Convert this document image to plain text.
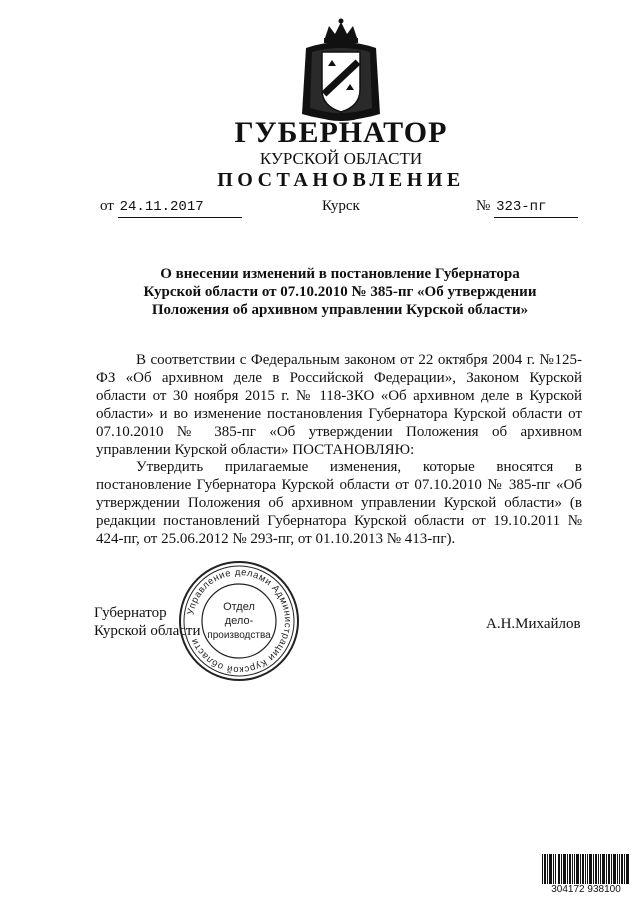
ГУБЕРНАТОР
КУРСКОЙ ОБЛАСТИ
ПОСТАНОВЛЕНИЕ
от 24.11.2017	Курск	№ 323-пг
О внесении изменений в постановление Губернатора
Курской области от 07.10.2010 № 385-пг «Об утверждении
Положения об архивном управлении Курской области»

В соответствии с Федеральным законом от 22 октября 2004 г. №125-ФЗ «Об архивном деле в Российской Федерации», Законом Курской области от 30 ноября 2015 г. № 118-ЗКО «Об архивном деле в Курской области» и во изменение постановления Губернатора Курской области от 07.10.2010 № 385-пг «Об утверждении Положения об архивном управлении Курской области» ПОСТАНОВЛЯЮ:

Утвердить прилагаемые изменения, которые вносятся в постановление Губернатора Курской области от 07.10.2010 № 385-пг «Об утверждении Положения об архивном управлении Курской области» (в редакции постановлений Губернатора Курской области от 19.10.2011 № 424-пг, от 25.06.2012 № 293-пг, от 01.10.2013 № 413-пг).

Губернатор
Курской области
Управление делами Администрации Курской области
Отдел
дело-
производства
А.Н.Михайлов
304172 938100
